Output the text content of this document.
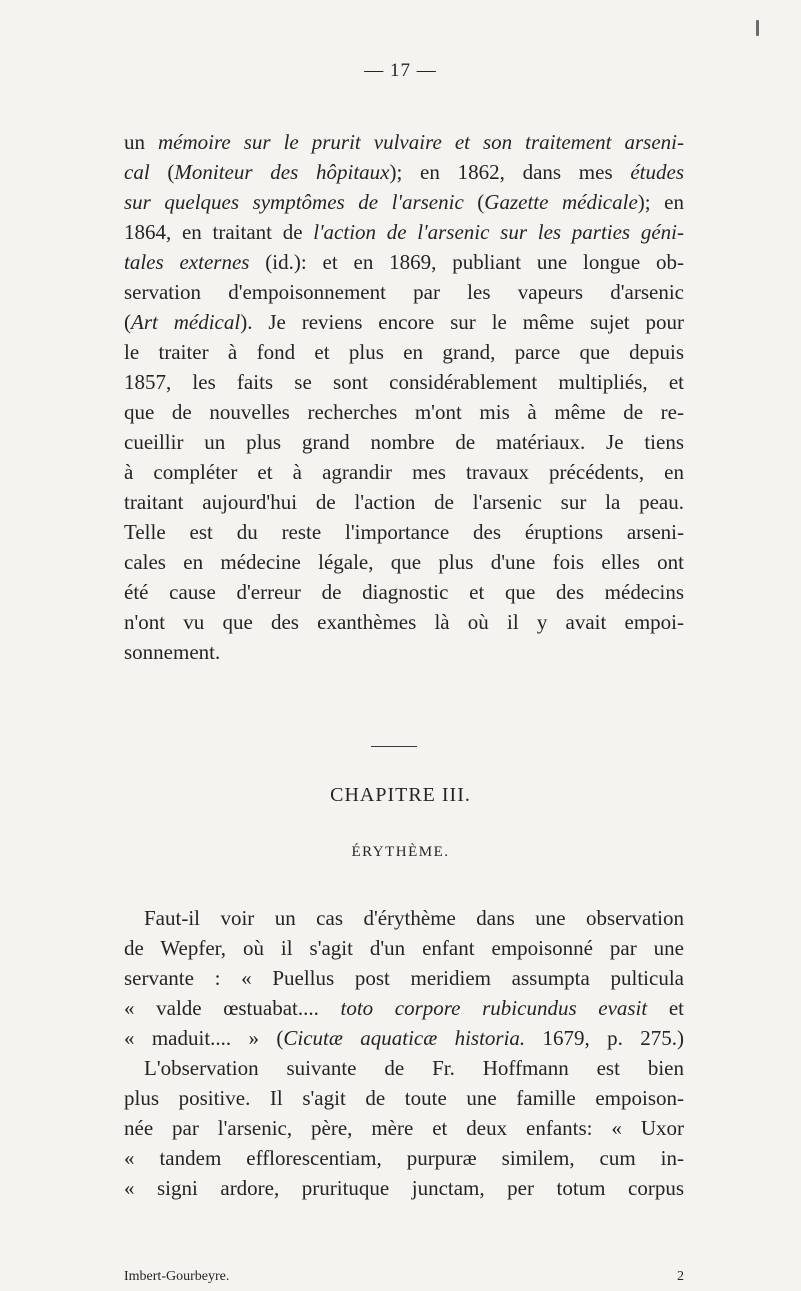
— 17 —
un mémoire sur le prurit vulvaire et son traitement arseni-
cal (Moniteur des hôpitaux); en 1862, dans mes études
sur quelques symptômes de l'arsenic (Gazette médicale); en
1864, en traitant de l'action de l'arsenic sur les parties géni-
tales externes (id.): et en 1869, publiant une longue ob-
servation d'empoisonnement par les vapeurs d'arsenic
(Art médical). Je reviens encore sur le même sujet pour
le traiter à fond et plus en grand, parce que depuis
1857, les faits se sont considérablement multipliés, et
que de nouvelles recherches m'ont mis à même de re-
cueillir un plus grand nombre de matériaux. Je tiens
à compléter et à agrandir mes travaux précédents, en
traitant aujourd'hui de l'action de l'arsenic sur la peau.
Telle est du reste l'importance des éruptions arseni-
cales en médecine légale, que plus d'une fois elles ont
été cause d'erreur de diagnostic et que des médecins
n'ont vu que des exanthèmes là où il y avait empoi-
sonnement.
CHAPITRE III.
ÉRYTHÈME.
Faut-il voir un cas d'érythème dans une observation
de Wepfer, où il s'agit d'un enfant empoisonné par une
servante : « Puellus post meridiem assumpta pulticula
« valde œstuabat.... toto corpore rubicundus evasit et
« maduit.... » (Cicutæ aquaticæ historia. 1679, p. 275.)
L'observation suivante de Fr. Hoffmann est bien
plus positive. Il s'agit de toute une famille empoison-
née par l'arsenic, père, mère et deux enfants: « Uxor
« tandem efflorescentiam, purpuræ similem, cum in-
« signi ardore, prurituque junctam, per totum corpus
Imbert-Gourbeyre.	2
